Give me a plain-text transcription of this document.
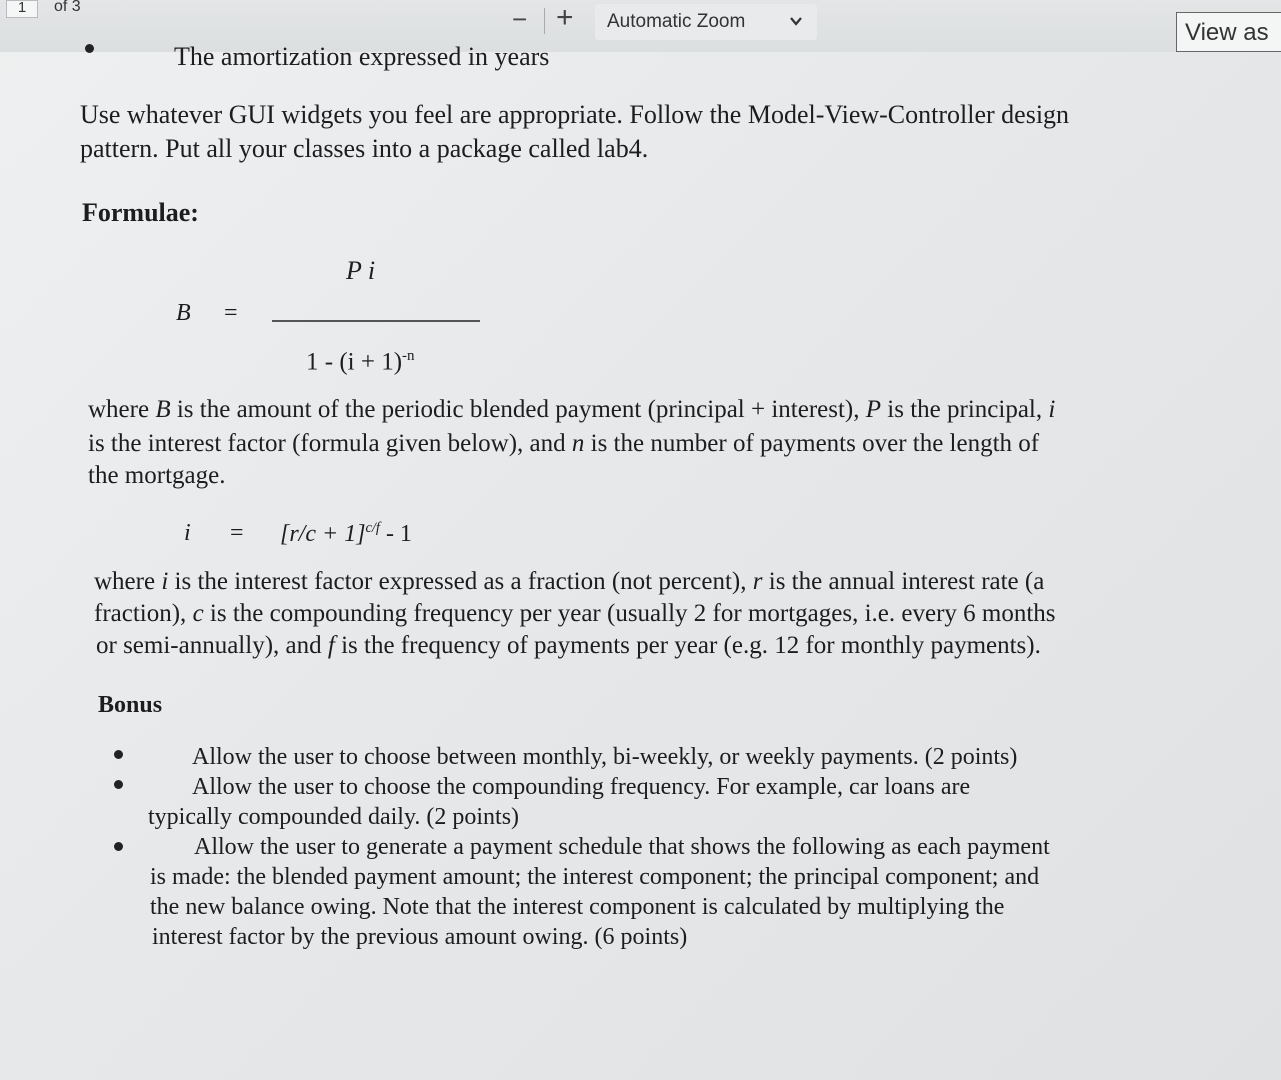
1	of 3	− + Automatic Zoom	View as
The amortization expressed in years
Use whatever GUI widgets you feel are appropriate. Follow the Model-View-Controller design
pattern. Put all your classes into a package called lab4.
Formulae:
P i
B =
$1 - (i + 1)^{-n}$
where B is the amount of the periodic blended payment (principal + interest), P is the principal, i
is the interest factor (formula given below), and n is the number of payments over the length of
the mortgage.
$i = [r/c + 1]^{c/f} - 1$
where i is the interest factor expressed as a fraction (not percent), r is the annual interest rate (a
fraction), c is the compounding frequency per year (usually 2 for mortgages, i.e. every 6 months
or semi-annually), and f is the frequency of payments per year (e.g. 12 for monthly payments).
Bonus
Allow the user to choose between monthly, bi-weekly, or weekly payments. (2 points)
Allow the user to choose the compounding frequency. For example, car loans are
typically compounded daily. (2 points)
Allow the user to generate a payment schedule that shows the following as each payment
is made: the blended payment amount; the interest component; the principal component; and
the new balance owing. Note that the interest component is calculated by multiplying the
interest factor by the previous amount owing. (6 points)
